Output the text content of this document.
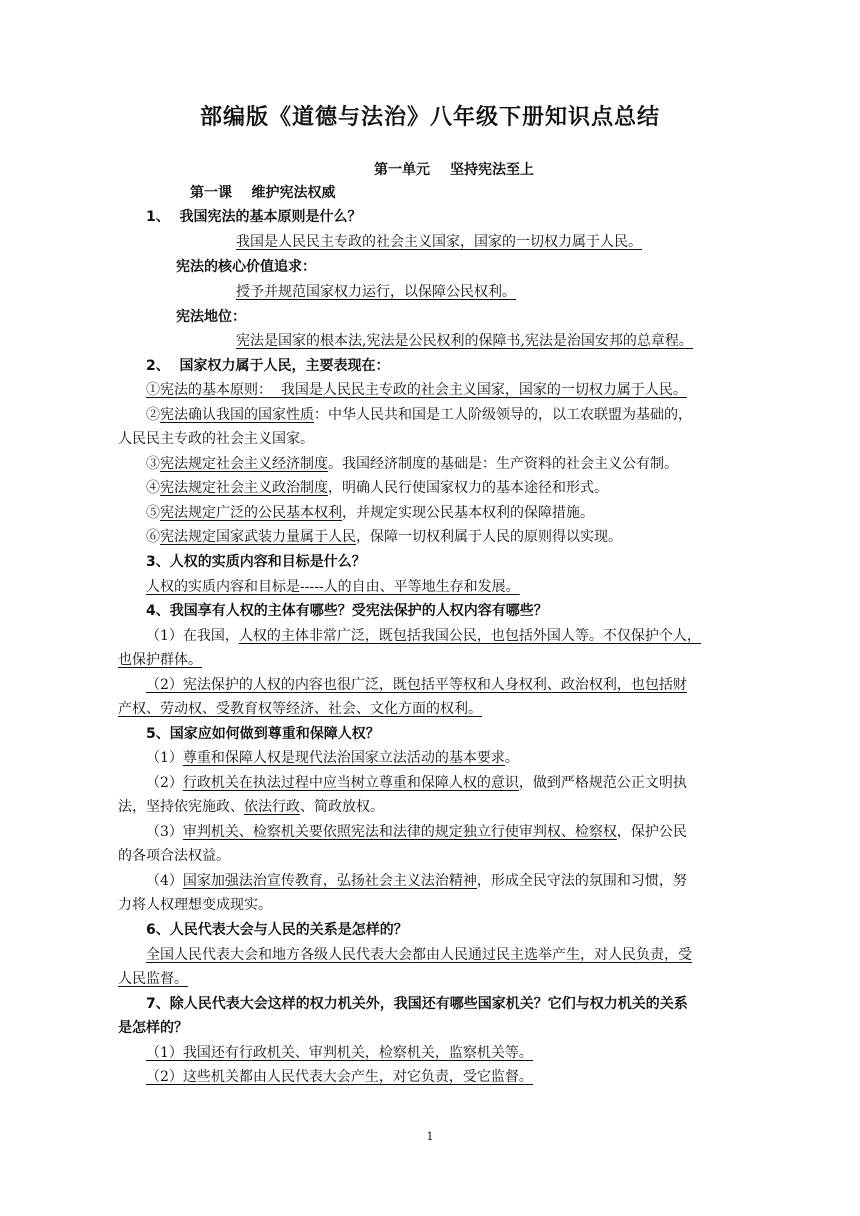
部编版《道德与法治》八年级下册知识点总结
第一单元 坚持宪法至上
第一课    维护宪法权威
1、  我国宪法的基本原则是什么？
我国是人民民主专政的社会主义国家，国家的一切权力属于人民。
宪法的核心价值追求：
授予并规范国家权力运行，以保障公民权利。
宪法地位：
宪法是国家的根本法,宪法是公民权利的保障书,宪法是治国安邦的总章程。
2、  国家权力属于人民，主要表现在：
①宪法的基本原则：  我国是人民民主专政的社会主义国家，国家的一切权力属于人民。
②宪法确认我国的国家性质：中华人民共和国是工人阶级领导的，以工农联盟为基础的，
人民民主专政的社会主义国家。
③宪法规定社会主义经济制度。我国经济制度的基础是：生产资料的社会主义公有制。
④宪法规定社会主义政治制度，明确人民行使国家权力的基本途径和形式。
⑤宪法规定广泛的公民基本权利，并规定实现公民基本权利的保障措施。
⑥宪法规定国家武装力量属于人民，保障一切权利属于人民的原则得以实现。
3、人权的实质内容和目标是什么？
人权的实质内容和目标是-----人的自由、平等地生存和发展。
4、我国享有人权的主体有哪些？受宪法保护的人权内容有哪些？
（1）在我国，人权的主体非常广泛，既包括我国公民，也包括外国人等。不仅保护个人，
也保护群体。
（2）宪法保护的人权的内容也很广泛，既包括平等权和人身权利、政治权利，也包括财
产权、劳动权、受教育权等经济、社会、文化方面的权利。
5、国家应如何做到尊重和保障人权？
（1）尊重和保障人权是现代法治国家立法活动的基本要求。
（2）行政机关在执法过程中应当树立尊重和保障人权的意识，做到严格规范公正文明执
法，坚持依宪施政、依法行政、简政放权。
（3）审判机关、检察机关要依照宪法和法律的规定独立行使审判权、检察权，保护公民
的各项合法权益。
（4）国家加强法治宣传教育，弘扬社会主义法治精神，形成全民守法的氛围和习惯，努
力将人权理想变成现实。
6、人民代表大会与人民的关系是怎样的？
全国人民代表大会和地方各级人民代表大会都由人民通过民主选举产生，对人民负责，受
人民监督。
7、除人民代表大会这样的权力机关外，我国还有哪些国家机关？它们与权力机关的关系
是怎样的？
（1）我国还有行政机关、审判机关，检察机关，监察机关等。
（2）这些机关都由人民代表大会产生，对它负责，受它监督。
1
